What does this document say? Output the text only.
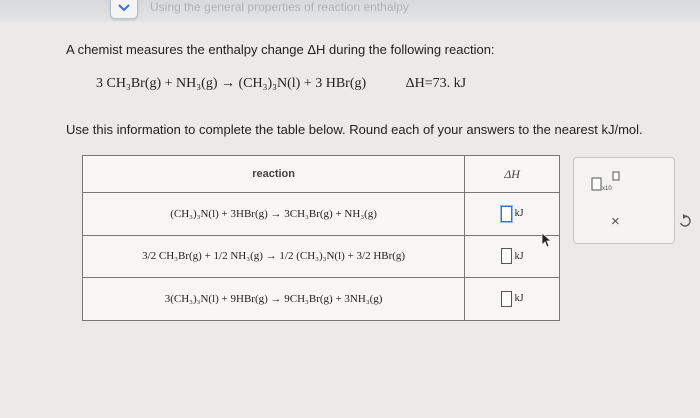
Using the general properties of reaction enthalpy
A chemist measures the enthalpy change ΔH during the following reaction:
3 CH₃Br(g) + NH₃(g) → (CH₃)₃N(l) + 3 HBr(g)	ΔH=73. kJ
Use this information to complete the table below. Round each of your answers to the nearest kJ/mol.
reaction	ΔH
(CH₃)₃N(l) + 3HBr(g) → 3CH₃Br(g) + NH₃(g)	kJ
3/2 CH₃Br(g) + 1/2 NH₃(g) → 1/2 (CH₃)₃N(l) + 3/2 HBr(g)	kJ
3(CH₃)₃N(l) + 9HBr(g) → 9CH₃Br(g) + 3NH₃(g)	kJ
x10
×
